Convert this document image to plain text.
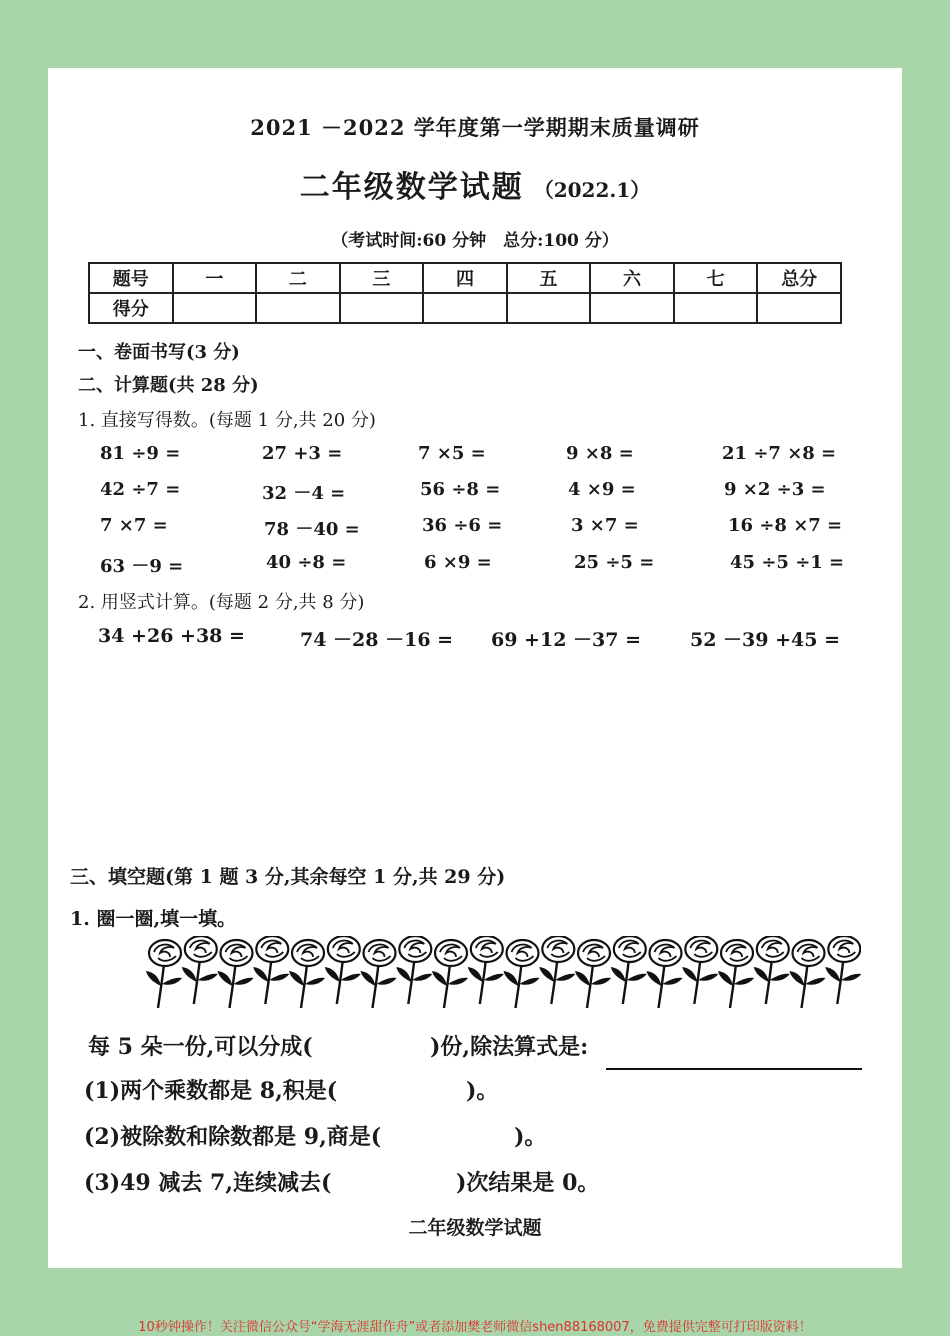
2021 －2022 学年度第一学期期末质量调研
二年级数学试题 （2022.1）
（考试时间:60 分钟　总分:100 分）
题号	一	二	三	四	五	六	七	总分
得分								
一、卷面书写(3 分)
二、计算题(共 28 分)
1. 直接写得数。(每题 1 分,共 20 分)
81 ÷9 =	27 +3 =	7 ×5 =	9 ×8 =	21 ÷7 ×8 =
42 ÷7 =	32 －4 =	56 ÷8 =	4 ×9 =	9 ×2 ÷3 =
7 ×7 =	78 －40 =	36 ÷6 =	3 ×7 =	16 ÷8 ×7 =
63 －9 =	40 ÷8 =	6 ×9 =	25 ÷5 =	45 ÷5 ÷1 =
2. 用竖式计算。(每题 2 分,共 8 分)
34 +26 +38 =	74 －28 －16 = 69 +12 －37 =	52 －39 +45 =
三、填空题(第 1 题 3 分,其余每空 1 分,共 29 分)
1. 圈一圈,填一填。
每 5 朵一份,可以分成(	)份,除法算式是:
(1)两个乘数都是 8,积是(	)。
(2)被除数和除数都是 9,商是(	)。
(3)49 减去 7,连续减去(	)次结果是 0。
二年级数学试题
10秒钟操作！关注微信公众号“学海无涯甜作舟”或者添加樊老师微信shen88168007，免费提供完整可打印版资料！
